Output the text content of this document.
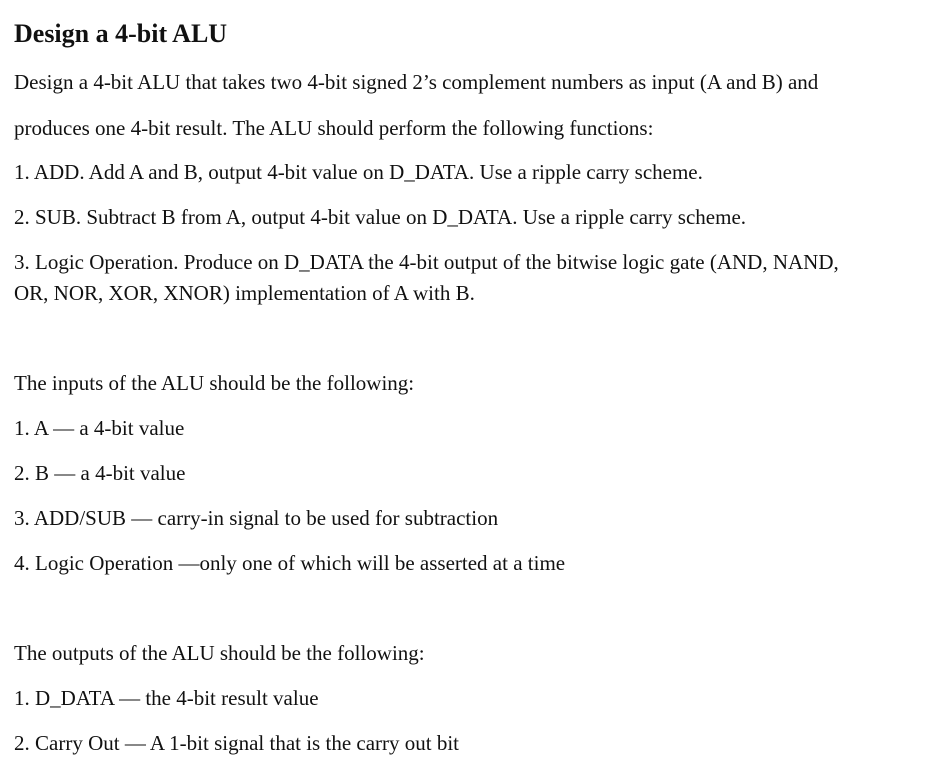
Design a 4-bit ALU

Design a 4-bit ALU that takes two 4-bit signed 2’s complement numbers as input (A and B) and

produces one 4-bit result. The ALU should perform the following functions:

1. ADD. Add A and B, output 4-bit value on D_DATA. Use a ripple carry scheme.

2. SUB. Subtract B from A, output 4-bit value on D_DATA. Use a ripple carry scheme.

3. Logic Operation. Produce on D_DATA the 4-bit output of the bitwise logic gate (AND, NAND,

OR, NOR, XOR, XNOR) implementation of A with B.

The inputs of the ALU should be the following:

1. A — a 4-bit value

2. B — a 4-bit value

3. ADD/SUB — carry-in signal to be used for subtraction

4. Logic Operation —only one of which will be asserted at a time

The outputs of the ALU should be the following:

1. D_DATA — the 4-bit result value

2. Carry Out — A 1-bit signal that is the carry out bit
